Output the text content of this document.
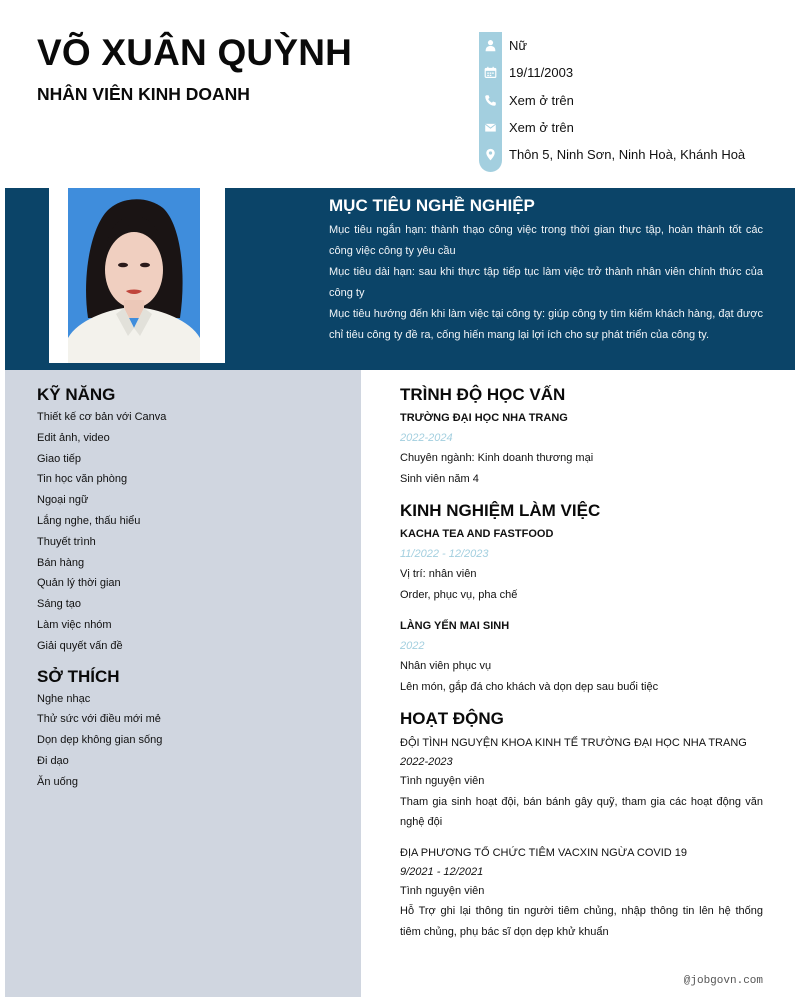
VÕ XUÂN QUỲNH
NHÂN VIÊN KINH DOANH
Nữ
19/11/2003
Xem ở trên
Xem ở trên
Thôn 5, Ninh Sơn, Ninh Hoà, Khánh Hoà
MỤC TIÊU NGHỀ NGHIỆP

Mục tiêu ngắn hạn: thành thạo công việc trong thời gian thực tập, hoàn thành tốt các công việc công ty yêu cầu

Mục tiêu dài hạn: sau khi thực tập tiếp tục làm việc trở thành nhân viên chính thức của công ty

Mục tiêu hướng đến khi làm việc tại công ty: giúp công ty tìm kiếm khách hàng, đạt được chỉ tiêu công ty đề ra, cống hiến mang lại lợi ích cho sự phát triển của công ty.

KỸ NĂNG
Thiết kế cơ bản với Canva
Edit ảnh, video
Giao tiếp
Tin học văn phòng
Ngoại ngữ
Lắng nghe, thấu hiểu
Thuyết trình
Bán hàng
Quản lý thời gian
Sáng tạo
Làm việc nhóm
Giải quyết vấn đề
SỞ THÍCH
Nghe nhạc
Thử sức với điều mới mẻ
Dọn dẹp không gian sống
Đi dạo
Ăn uống
TRÌNH ĐỘ HỌC VẤN
TRƯỜNG ĐẠI HỌC NHA TRANG
2022-2024
Chuyên ngành: Kinh doanh thương mại
Sinh viên năm 4
KINH NGHIỆM LÀM VIỆC
KACHA TEA AND FASTFOOD
11/2022 - 12/2023
Vị trí: nhân viên
Order, phục vụ, pha chế
LÀNG YẾN MAI SINH
2022
Nhân viên phục vụ
Lên món, gắp đá cho khách và dọn dẹp sau buổi tiệc
HOẠT ĐỘNG
ĐỘI TÌNH NGUYỆN KHOA KINH TẾ TRƯỜNG ĐẠI HỌC NHA TRANG
2022-2023
Tình nguyện viên
Tham gia sinh hoạt đội, bán bánh gây quỹ, tham gia các hoạt động văn nghệ đội
ĐỊA PHƯƠNG TỔ CHỨC TIÊM VACXIN NGỪA COVID 19
9/2021 - 12/2021
Tình nguyện viên
Hỗ Trợ ghi lại thông tin người tiêm chủng, nhập thông tin lên hệ thống tiêm chủng, phụ bác sĩ dọn dẹp khử khuẩn
@jobgovn.com
